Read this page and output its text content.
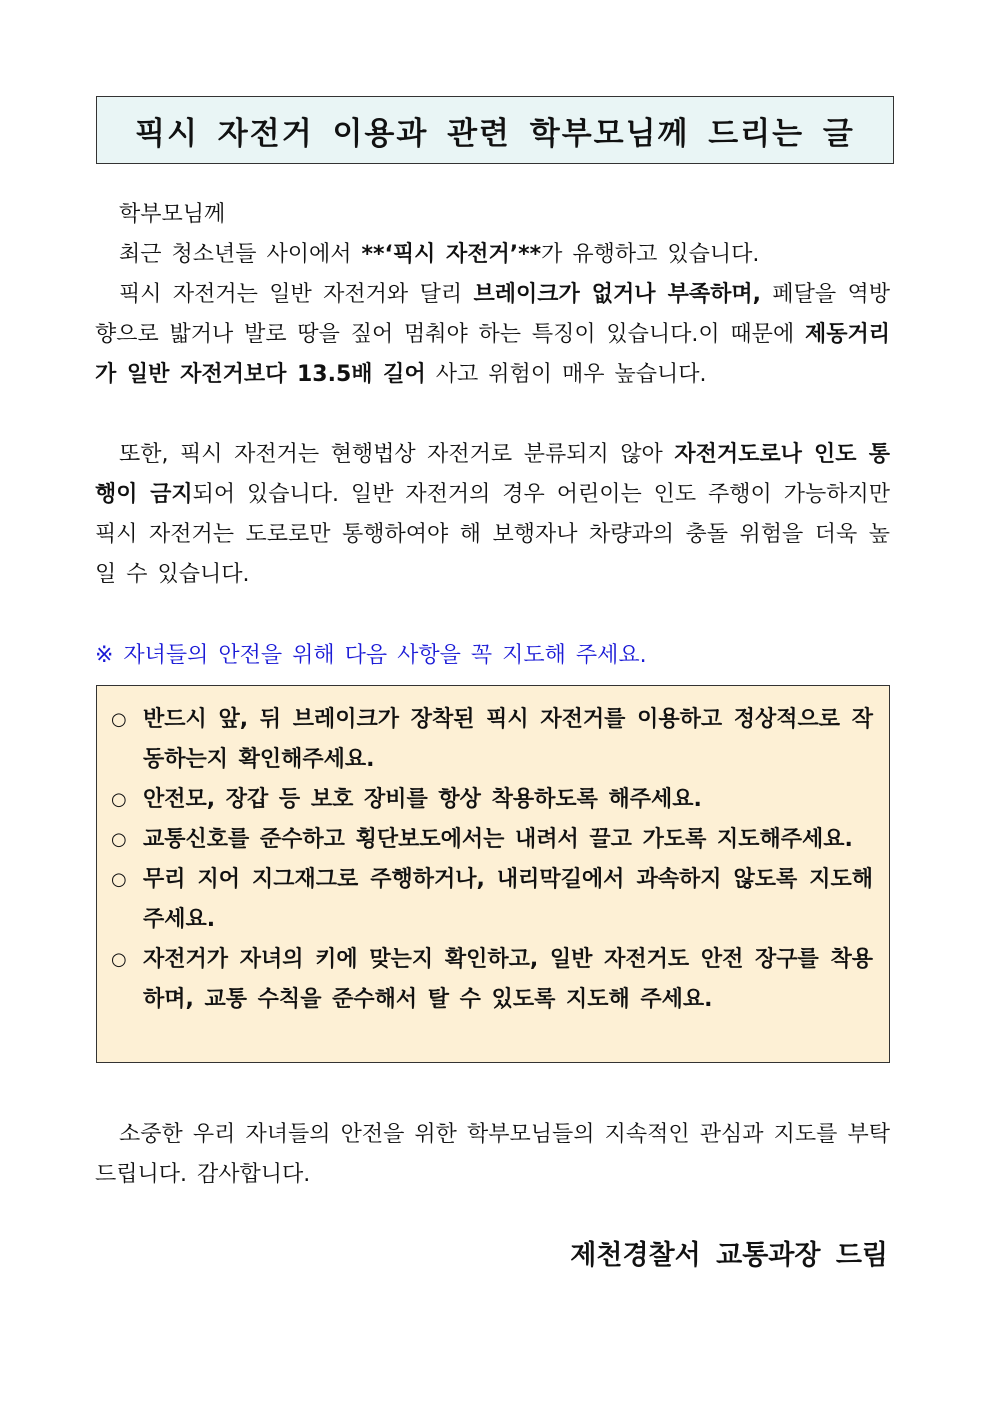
픽시 자전거 이용과 관련 학부모님께 드리는 글

학부모님께

최근 청소년들 사이에서 **‘픽시 자전거’**가 유행하고 있습니다.

픽시 자전거는 일반 자전거와 달리 브레이크가 없거나 부족하며, 페달을 역방향으로 밟거나 발로 땅을 짚어 멈춰야 하는 특징이 있습니다.이 때문에 제동거리가 일반 자전거보다 13.5배 길어 사고 위험이 매우 높습니다.

또한, 픽시 자전거는 현행법상 자전거로 분류되지 않아 자전거도로나 인도 통행이 금지되어 있습니다. 일반 자전거의 경우 어린이는 인도 주행이 가능하지만 픽시 자전거는 도로로만 통행하여야 해 보행자나 차량과의 충돌 위험을 더욱 높일 수 있습니다.

※ 자녀들의 안전을 위해 다음 사항을 꼭 지도해 주세요.
○ 반드시 앞, 뒤 브레이크가 장착된 픽시 자전거를 이용하고 정상적으로 작동하는지 확인해주세요.
○ 안전모, 장갑 등 보호 장비를 항상 착용하도록 해주세요.
○ 교통신호를 준수하고 횡단보도에서는 내려서 끌고 가도록 지도해주세요.
○ 무리 지어 지그재그로 주행하거나, 내리막길에서 과속하지 않도록 지도해 주세요.
○ 자전거가 자녀의 키에 맞는지 확인하고, 일반 자전거도 안전 장구를 착용하며, 교통 수칙을 준수해서 탈 수 있도록 지도해 주세요.

소중한 우리 자녀들의 안전을 위한 학부모님들의 지속적인 관심과 지도를 부탁드립니다. 감사합니다.

제천경찰서 교통과장 드림
